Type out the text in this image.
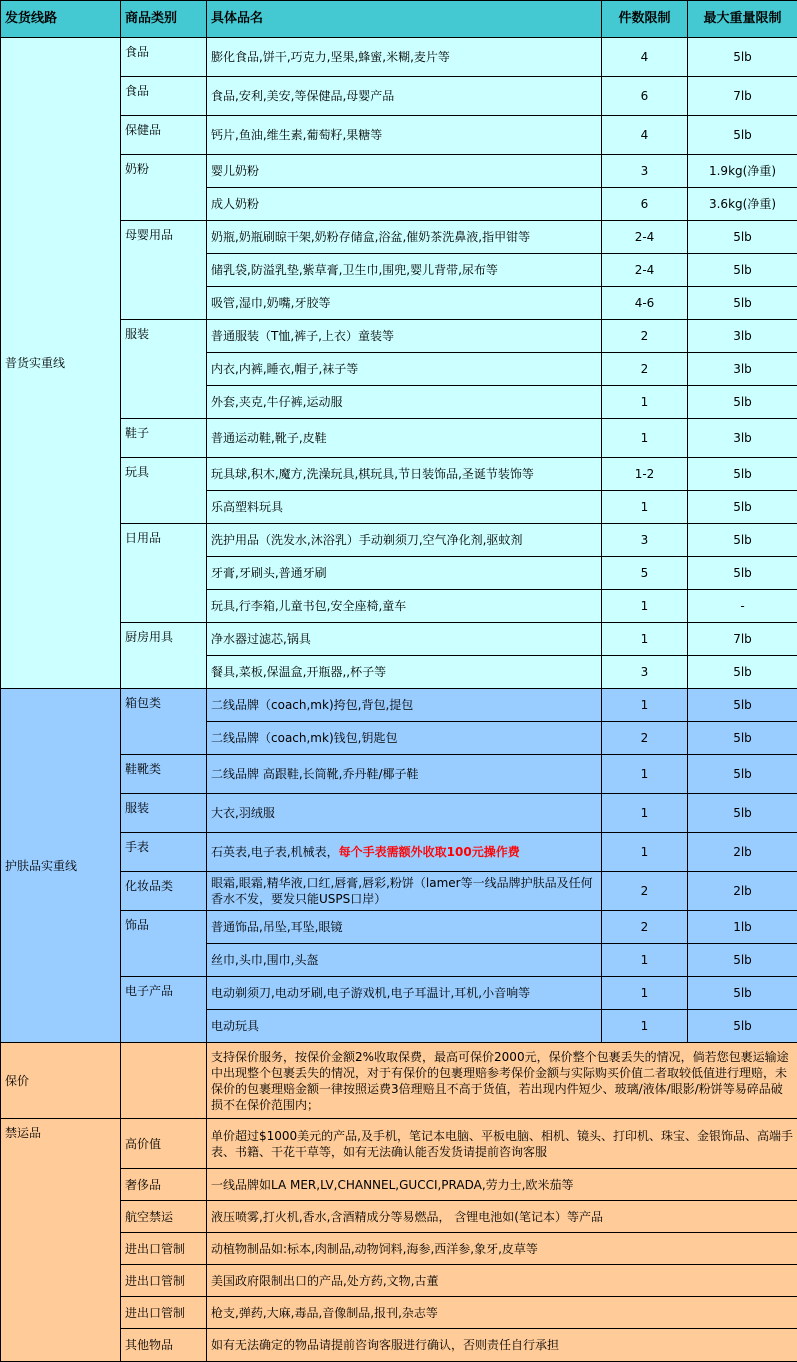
发货线路	商品类别	具体品名	件数限制	最大重量限制
普货实重线	食品	膨化食品,饼干,巧克力,坚果,蜂蜜,米糊,麦片等	4	5lb
	食品	食品,安利,美安,等保健品,母婴产品	6	7lb
	保健品	钙片,鱼油,维生素,葡萄籽,果糖等	4	5lb
	奶粉	婴儿奶粉	3	1.9kg(净重)
		成人奶粉	6	3.6kg(净重)
	母婴用品	奶瓶,奶瓶刷晾干架,奶粉存储盒,浴盆,催奶茶洗鼻液,指甲钳等	2-4	5lb
		储乳袋,防溢乳垫,紫草膏,卫生巾,围兜,婴儿背带,尿布等	2-4	5lb
		吸管,湿巾,奶嘴,牙胶等	4-6	5lb
	服装	普通服装（T恤,裤子,上衣）童装等	2	3lb
		内衣,内裤,睡衣,帽子,袜子等	2	3lb
		外套,夹克,牛仔裤,运动服	1	5lb
	鞋子	普通运动鞋,靴子,皮鞋	1	3lb
	玩具	玩具球,积木,魔方,洗澡玩具,棋玩具,节日装饰品,圣诞节装饰等	1-2	5lb
		乐高塑料玩具	1	5lb
	日用品	洗护用品（洗发水,沐浴乳）手动剃须刀,空气净化剂,驱蚊剂	3	5lb
		牙膏,牙刷头,普通牙刷	5	5lb
		玩具,行李箱,儿童书包,安全座椅,童车	1	-
	厨房用具	净水器过滤芯,锅具	1	7lb
		餐具,菜板,保温盒,开瓶器,,杯子等	3	5lb
护肤品实重线	箱包类	二线品牌（coach,mk)挎包,背包,提包	1	5lb
		二线品牌（coach,mk)钱包,钥匙包	2	5lb
	鞋靴类	二线品牌 高跟鞋,长筒靴,乔丹鞋/椰子鞋	1	5lb
	服装	大衣,羽绒服	1	5lb
	手表	石英表,电子表,机械表，每个手表需额外收取100元操作费	1	2lb
	化妆品类	眼霜,眼霜,精华液,口红,唇膏,唇彩,粉饼（lamer等一线品牌护肤品及任何香水不发，要发只能USPS口岸）	2	2lb
	饰品	普通饰品,吊坠,耳坠,眼镜	2	1lb
		丝巾,头巾,围巾,头盔	1	5lb
	电子产品	电动剃须刀,电动牙刷,电子游戏机,电子耳温计,耳机,小音响等	1	5lb
		电动玩具	1	5lb
保价		支持保价服务，按保价金额2%收取保费，最高可保价2000元，保价整个包裹丢失的情况，倘若您包裹运输途中出现整个包裹丢失的情况，对于有保价的包裹理赔参考保价金额与实际购买价值二者取较低值进行理赔，未保价的包裹理赔金额一律按照运费3倍理赔且不高于货值，若出现内件短少、玻璃/液体/眼影/粉饼等易碎品破损不在保价范围内；		
禁运品	高价值	单价超过$1000美元的产品,及手机，笔记本电脑、平板电脑、相机、镜头、打印机、珠宝、金银饰品、高端手表、书籍、干花干草等，如有无法确认能否发货请提前咨询客服		
	奢侈品	一线品牌如LA MER,LV,CHANNEL,GUCCI,PRADA,劳力士,欧米茄等		
	航空禁运	液压喷雾,打火机,香水,含酒精成分等易燃品， 含锂电池如(笔记本）等产品		
	进出口管制	动植物制品如:标本,肉制品,动物饲料,海参,西洋参,象牙,皮草等		
	进出口管制	美国政府限制出口的产品,处方药,文物,古董		
	进出口管制	枪支,弹药,大麻,毒品,音像制品,报刊,杂志等		
	其他物品	如有无法确定的物品请提前咨询客服进行确认，否则责任自行承担		
